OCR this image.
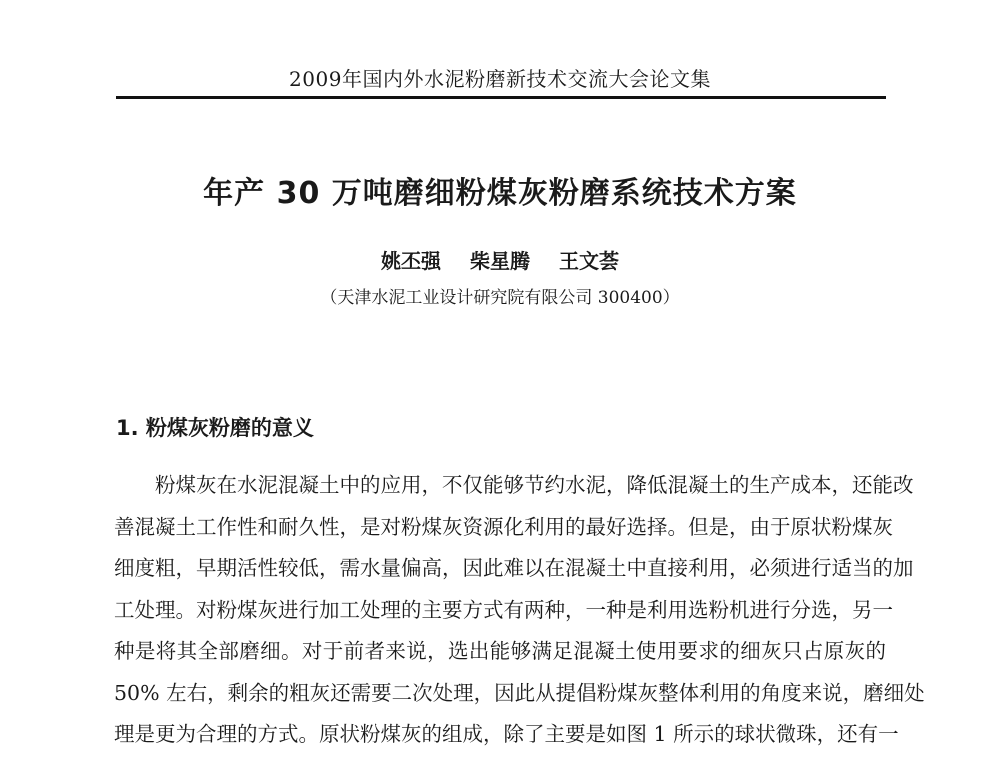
2009年国内外水泥粉磨新技术交流大会论文集
年产 30 万吨磨细粉煤灰粉磨系统技术方案
姚丕强 柴星腾 王文荟
（天津水泥工业设计研究院有限公司 300400）
1. 粉煤灰粉磨的意义
粉煤灰在水泥混凝土中的应用，不仅能够节约水泥，降低混凝土的生产成本，还能改
善混凝土工作性和耐久性，是对粉煤灰资源化利用的最好选择。但是，由于原状粉煤灰
细度粗，早期活性较低，需水量偏高，因此难以在混凝土中直接利用，必须进行适当的加
工处理。对粉煤灰进行加工处理的主要方式有两种，一种是利用选粉机进行分选，另一
种是将其全部磨细。对于前者来说，选出能够满足混凝土使用要求的细灰只占原灰的
50% 左右，剩余的粗灰还需要二次处理，因此从提倡粉煤灰整体利用的角度来说，磨细处
理是更为合理的方式。原状粉煤灰的组成，除了主要是如图 1 所示的球状微珠，还有一
